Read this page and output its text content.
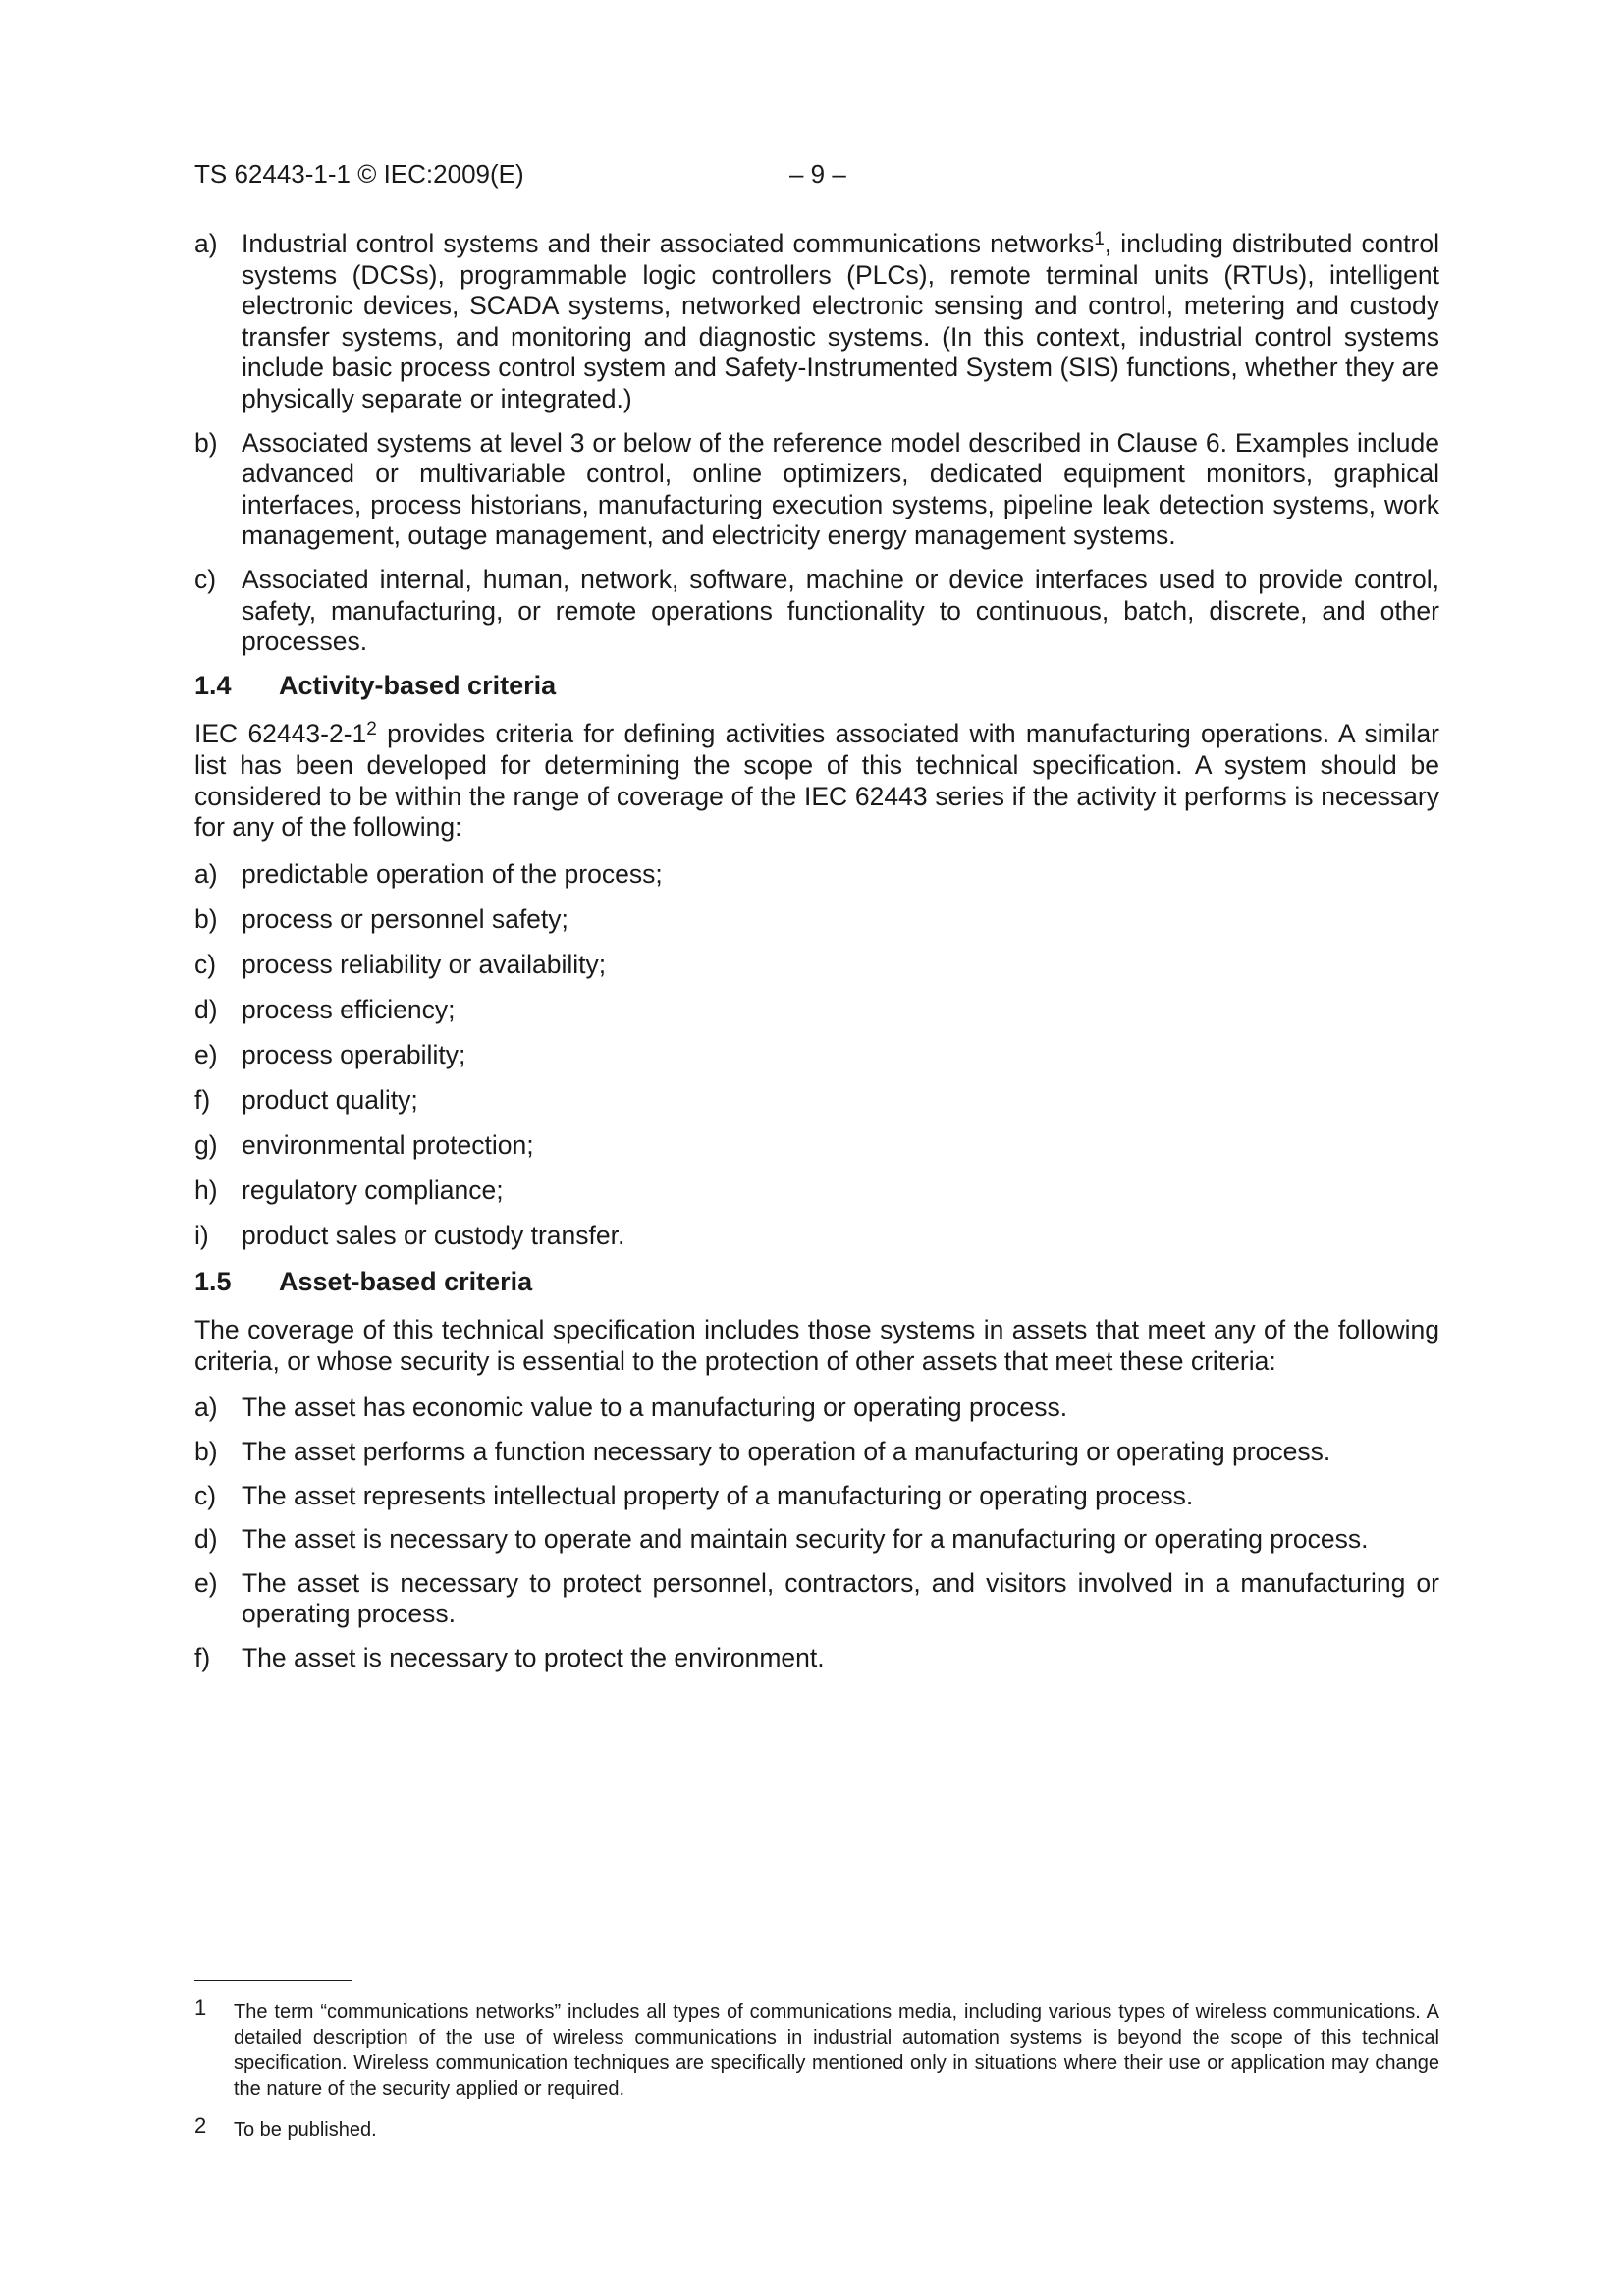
TS 62443-1-1 © IEC:2009(E)	– 9 –
a) Industrial control systems and their associated communications networks$^1$, including distributed control systems (DCSs), programmable logic controllers (PLCs), remote terminal units (RTUs), intelligent electronic devices, SCADA systems, networked electronic sensing and control, metering and custody transfer systems, and monitoring and diagnostic systems. (In this context, industrial control systems include basic process control system and Safety-Instrumented System (SIS) functions, whether they are physically separate or integrated.)
b) Associated systems at level 3 or below of the reference model described in Clause 6. Examples include advanced or multivariable control, online optimizers, dedicated equipment monitors, graphical interfaces, process historians, manufacturing execution systems, pipeline leak detection systems, work management, outage management, and electricity energy management systems.
c) Associated internal, human, network, software, machine or device interfaces used to provide control, safety, manufacturing, or remote operations functionality to continuous, batch, discrete, and other processes.
1.4 Activity-based criteria

IEC 62443-2-1$^2$ provides criteria for defining activities associated with manufacturing operations. A similar list has been developed for determining the scope of this technical specification. A system should be considered to be within the range of coverage of the IEC 62443 series if the activity it performs is necessary for any of the following:

a) predictable operation of the process;
b) process or personnel safety;
c) process reliability or availability;
d) process efficiency;
e) process operability;
f) product quality;
g) environmental protection;
h) regulatory compliance;
i) product sales or custody transfer.
1.5 Asset-based criteria

The coverage of this technical specification includes those systems in assets that meet any of the following criteria, or whose security is essential to the protection of other assets that meet these criteria:

a) The asset has economic value to a manufacturing or operating process.
b) The asset performs a function necessary to operation of a manufacturing or operating process.
c) The asset represents intellectual property of a manufacturing or operating process.
d) The asset is necessary to operate and maintain security for a manufacturing or operating process.
e) The asset is necessary to protect personnel, contractors, and visitors involved in a manufacturing or operating process.
f) The asset is necessary to protect the environment.
1 The term “communications networks” includes all types of communications media, including various types of wireless communications. A detailed description of the use of wireless communications in industrial automation systems is beyond the scope of this technical specification. Wireless communication techniques are specifically mentioned only in situations where their use or application may change the nature of the security applied or required.
2 To be published.
